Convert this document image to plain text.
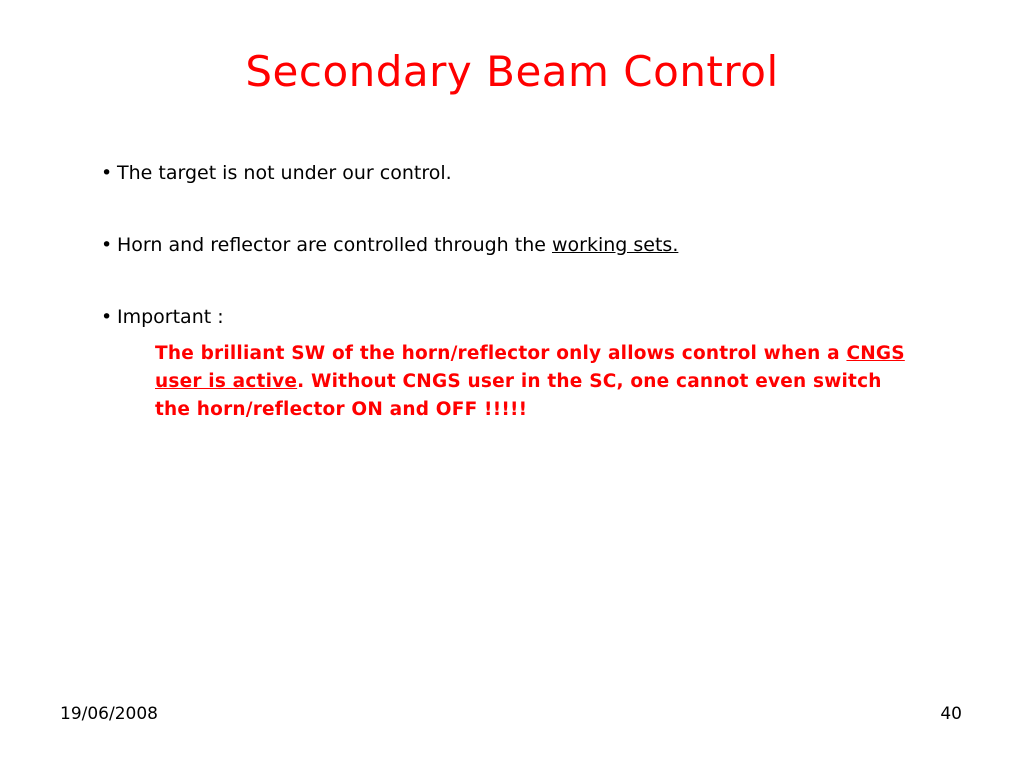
Secondary Beam Control
• The target is not under our control.
• Horn and reflector are controlled through the working sets.
• Important :
The brilliant SW of the horn/reflector only allows control when a CNGS user is active. Without CNGS user in the SC, one cannot even switch the horn/reflector ON and OFF !!!!!
19/06/2008	40
